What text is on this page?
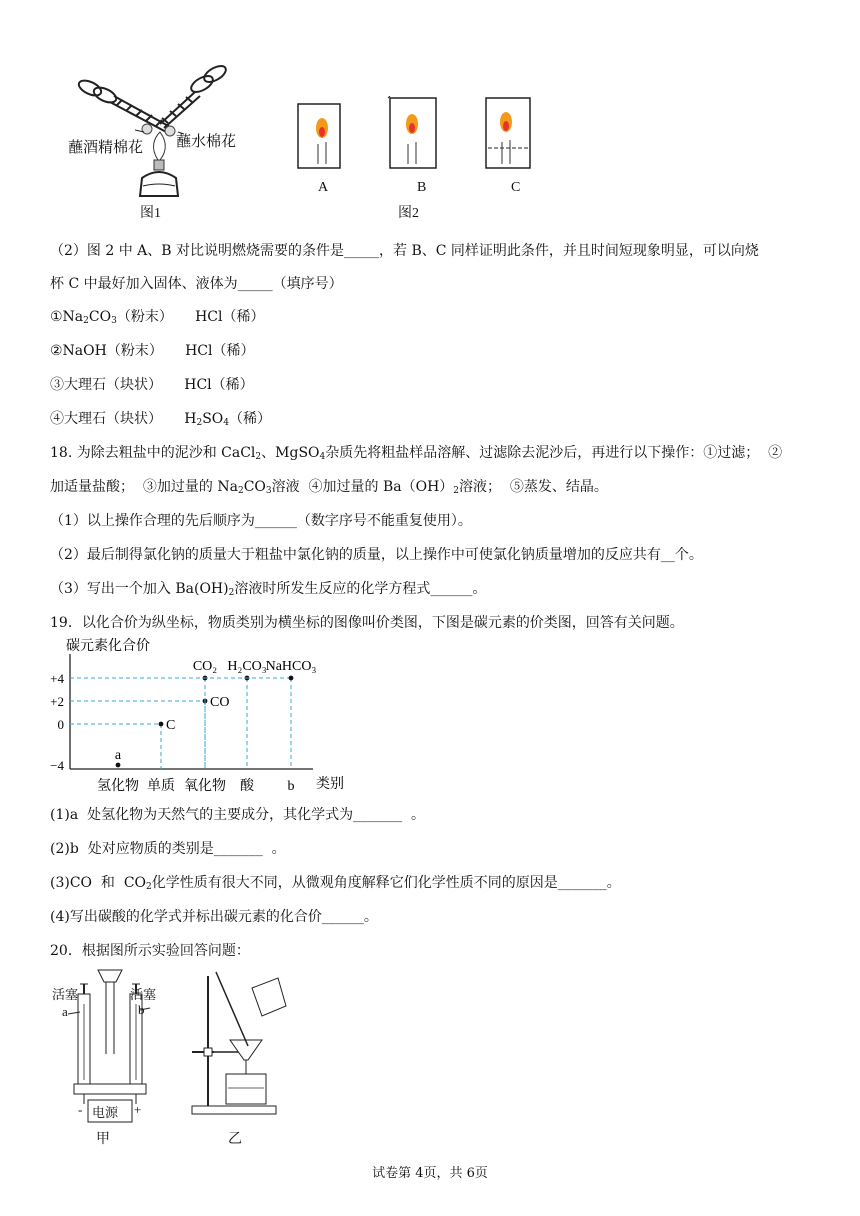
蘸酒精棉花 蘸水棉花
图1
A	B	C
图2
（2）图 2 中 A、B 对比说明燃烧需要的条件是_____，若 B、C 同样证明此条件，并且时间短现象明显，可以向烧
杯 C 中最好加入固体、液体为_____（填序号）
$①Na_2CO_3$（粉末）     HCl（稀）
②NaOH（粉末）     HCl（稀）
③大理石（块状）     HCl（稀）
④大理石（块状）     $H_2SO_4$（稀）
18. 为除去粗盐中的泥沙和 CaCl$_2$、MgSO$_4$杂质先将粗盐样品溶解、过滤除去泥沙后，再进行以下操作：①过滤；  ②
加适量盐酸；  ③加过量的 $Na_2CO_3$溶液  ④加过量的 $Ba(OH)_2$溶液；  ⑤蒸发、结晶。
（1）以上操作合理的先后顺序为______（数字序号不能重复使用）。
（2）最后制得氯化钠的质量大于粗盐中氯化钠的质量，以上操作中可使氯化钠质量增加的反应共有__个。
（3）写出一个加入 $Ba(OH)_2$溶液时所发生反应的化学方程式______。
19．以化合价为纵坐标，物质类别为横坐标的图像叫价类图，下图是碳元素的价类图，回答有关问题。
碳元素化合价
类别
+4
+2
0
−4
氢化物 单质 氧化物 酸 b
a
C
CO
CO₂ H₂CO₃
NaHCO₃
(1)a  处氢化物为天然气的主要成分，其化学式为_______  。
(2)b  处对应物质的类别是_______  。
(3)CO  和  $CO_2$化学性质有很大不同，从微观角度解释它们化学性质不同的原因是_______。
(4)写出碳酸的化学式并标出碳元素的化合价______。
20．根据图所示实验回答问题：
活塞	活塞
a	b
电源
-	+
甲	乙
试卷第 4页，共 6页
